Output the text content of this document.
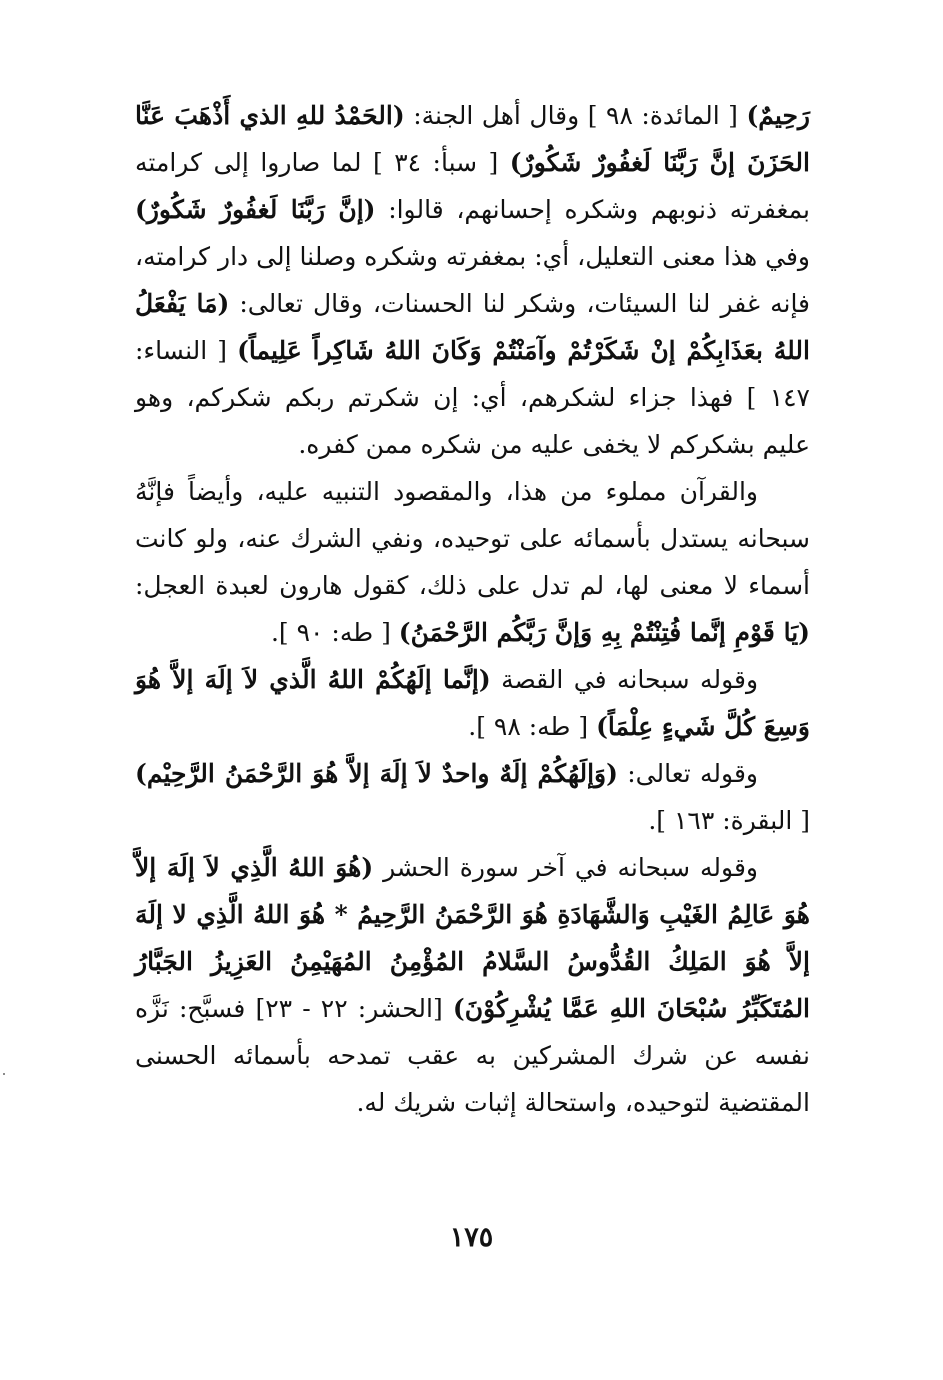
رَحِيمٌ) [ المائدة: ٩٨ ] وقال أهل الجنة: (الحَمْدُ للهِ الذي أَذْهَبَ عَنَّا الحَزَنَ إنَّ رَبَّنَا لَغفُورٌ شَكُورٌ) [ سبأ: ٣٤ ] لما صاروا إلى كرامته بمغفرته ذنوبهم وشكره إحسانهم، قالوا: (إنَّ رَبَّنَا لَغفُورٌ شَكُورٌ) وفي هذا معنى التعليل، أي: بمغفرته وشكره وصلنا إلى دار كرامته، فإنه غفر لنا السيئات، وشكر لنا الحسنات، وقال تعالى: (مَا يَفْعَلُ اللهُ بعَذَابِكُمْ إنْ شَكَرْتُمْ وآمَنْتُمْ وَكَانَ اللهُ شَاكِراً عَلِيماً) [ النساء: ١٤٧ ] فهذا جزاء لشكرهم، أي: إن شكرتم ربكم شكركم، وهو عليم بشكركم لا يخفى عليه من شكره ممن كفره.

والقرآن مملوء من هذا، والمقصود التنبيه عليه، وأيضاً فإنَّهُ سبحانه يستدل بأسمائه على توحيده، ونفي الشرك عنه، ولو كانت أسماء لا معنى لها، لم تدل على ذلك، كقول هارون لعبدة العجل: (يَا قَوْمِ إنَّما فُتِنْتُمْ بِهِ وَإنَّ رَبَّكُم الرَّحْمَنُ) [ طه: ٩٠ ].

وقوله سبحانه في القصة (إنَّما إلَهُكُمْ اللهُ الَّذي لاَ إلَهَ إلاَّ هُوَ وَسِعَ كُلَّ شَيءٍ عِلْمَاً) [ طه: ٩٨ ].

وقوله تعالى: (وَإلَهُكُمْ إلَهٌ واحدٌ لاَ إلَهَ إلاَّ هُوَ الرَّحْمَنُ الرَّحِيْم) [ البقرة: ١٦٣ ].

وقوله سبحانه في آخر سورة الحشر (هُوَ اللهُ الَّذِي لاَ إلَهَ إلاَّ هُوَ عَالِمُ الغَيْبِ وَالشَّهَادَةِ هُوَ الرَّحْمَنُ الرَّحِيمُ * هُوَ اللهُ الَّذِي لا إلَهَ إلاَّ هُوَ المَلِكُ القُدُّوسُ السَّلامُ المُؤْمِنُ المُهَيْمِنُ العَزِيزُ الجَبَّارُ المُتَكَبِّرُ سُبْحَانَ اللهِ عَمَّا يُشْرِكُوْنَ) [الحشر: ٢٢ - ٢٣] فسبَّح: نَزَّه نفسه عن شرك المشركين به عقب تمدحه بأسمائه الحسنى المقتضية لتوحيده، واستحالة إثبات شريك له.

١٧٥
